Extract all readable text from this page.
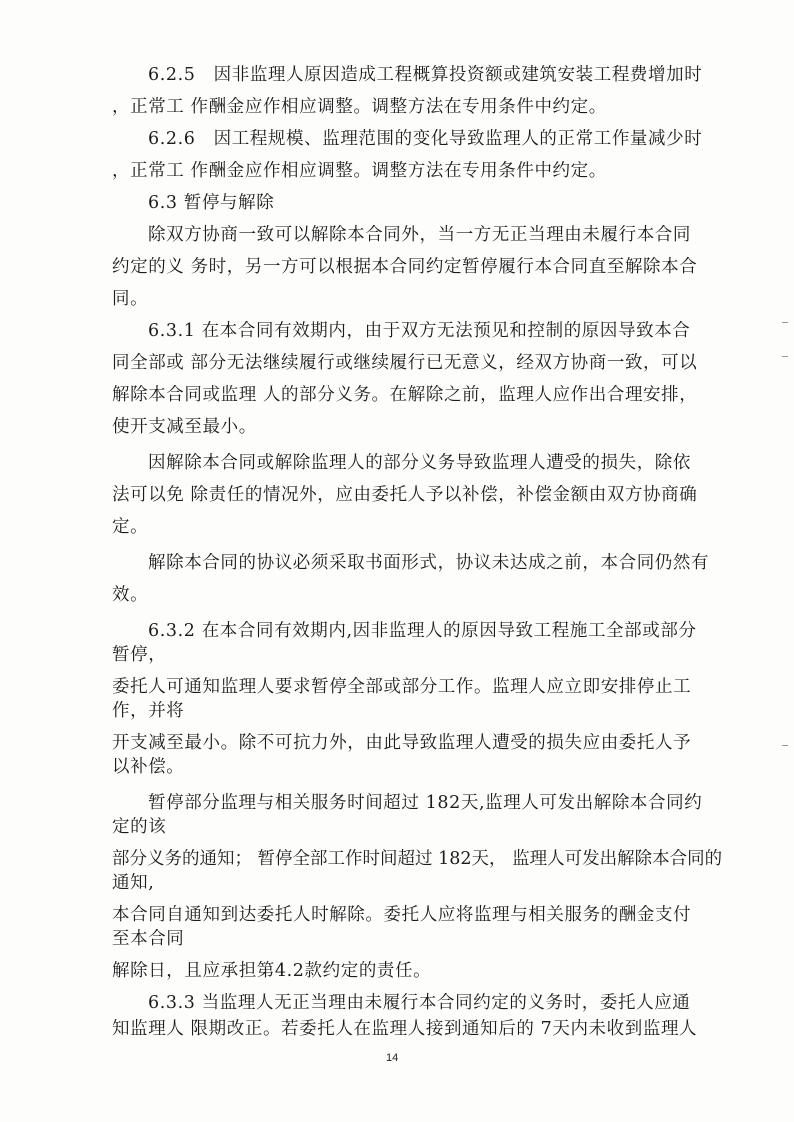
6.2.5　因非监理人原因造成工程概算投资额或建筑安装工程费增加时
，正常工 作酬金应作相应调整。调整方法在专用条件中约定。
6.2.6　因工程规模、监理范围的变化导致监理人的正常工作量减少时
，正常工 作酬金应作相应调整。调整方法在专用条件中约定。
6.3 暂停与解除
除双方协商一致可以解除本合同外，当一方无正当理由未履行本合同
约定的义 务时，另一方可以根据本合同约定暂停履行本合同直至解除本合
同。
6.3.1 在本合同有效期内，由于双方无法预见和控制的原因导致本合
同全部或 部分无法继续履行或继续履行已无意义，经双方协商一致，可以
解除本合同或监理 人的部分义务。在解除之前，监理人应作出合理安排，
使开支减至最小。
因解除本合同或解除监理人的部分义务导致监理人遭受的损失，除依
法可以免 除责任的情况外，应由委托人予以补偿，补偿金额由双方协商确
定。
解除本合同的协议必须采取书面形式，协议未达成之前，本合同仍然有
效。
6.3.2 在本合同有效期内,因非监理人的原因导致工程施工全部或部分
暂停，
委托人可通知监理人要求暂停全部或部分工作。监理人应立即安排停止工
作，并将
开支减至最小。除不可抗力外，由此导致监理人遭受的损失应由委托人予
以补偿。
暂停部分监理与相关服务时间超过 182天,监理人可发出解除本合同约
定的该
部分义务的通知； 暂停全部工作时间超过 182天， 监理人可发出解除本合同的
通知,
本合同自通知到达委托人时解除。委托人应将监理与相关服务的酬金支付
至本合同
解除日，且应承担第4.2款约定的责任。
6.3.3 当监理人无正当理由未履行本合同约定的义务时，委托人应通
知监理人 限期改正。若委托人在监理人接到通知后的 7天内未收到监理人
14
